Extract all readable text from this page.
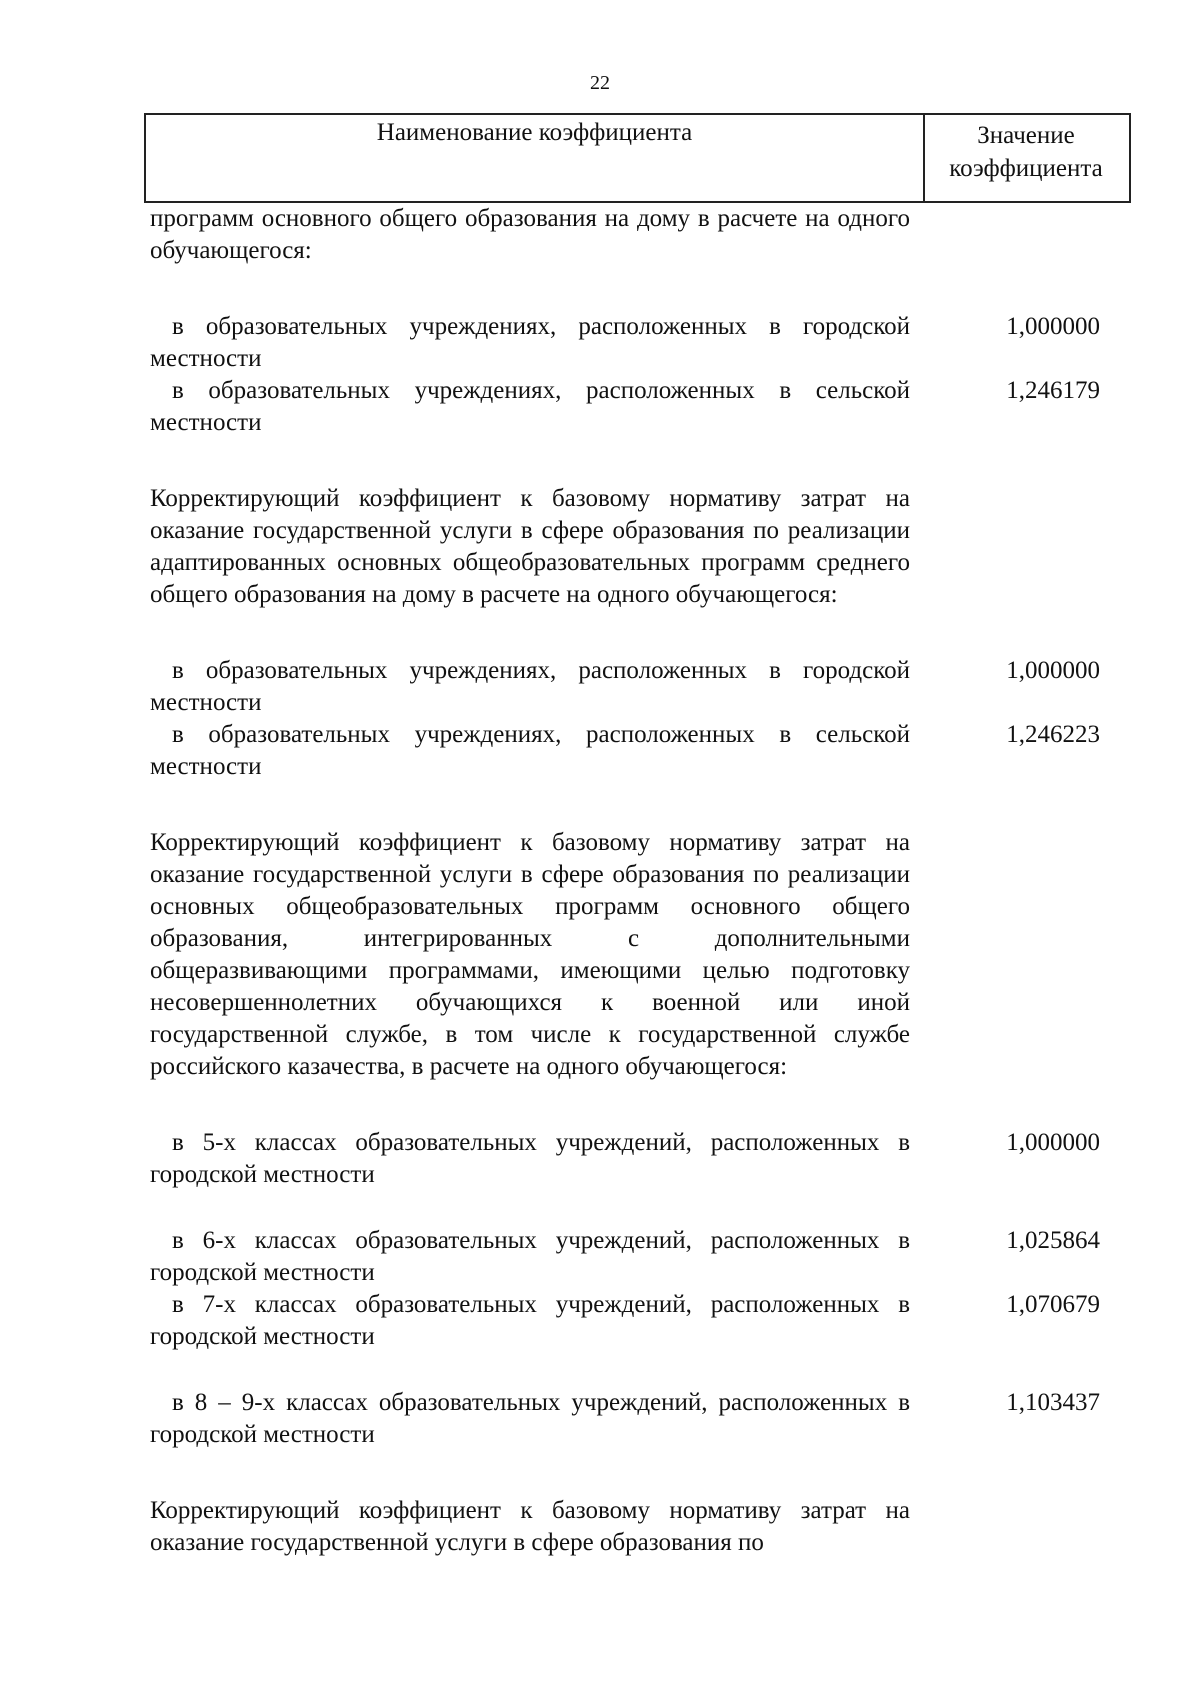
22
Наименование коэффициента	Значение
коэффициента
программ основного общего образования на дому в расчете на одного обучающегося:
в образовательных учреждениях, расположенных в городской местности
1,000000
в образовательных учреждениях, расположенных в сельской местности
1,246179
Корректирующий коэффициент к базовому нормативу затрат на оказание государственной услуги в сфере образования по реализации адаптированных основных общеобразовательных программ среднего общего образования на дому в расчете на одного обучающегося:
в образовательных учреждениях, расположенных в городской местности
1,000000
в образовательных учреждениях, расположенных в сельской местности
1,246223
Корректирующий коэффициент к базовому нормативу затрат на оказание государственной услуги в сфере образования по реализации основных общеобразовательных программ основного общего образования, интегрированных с дополнительными общеразвивающими программами, имеющими целью подготовку несовершеннолетних обучающихся к военной или иной государственной службе, в том числе к государственной службе российского казачества, в расчете на одного обучающегося:
в 5-х классах образовательных учреждений, расположенных в городской местности
1,000000
в 6-х классах образовательных учреждений, расположенных в городской местности
1,025864
в 7-х классах образовательных учреждений, расположенных в городской местности
1,070679
в 8 – 9-х классах образовательных учреждений, расположенных в городской местности
1,103437
Корректирующий коэффициент к базовому нормативу затрат на оказание государственной услуги в сфере образования по
